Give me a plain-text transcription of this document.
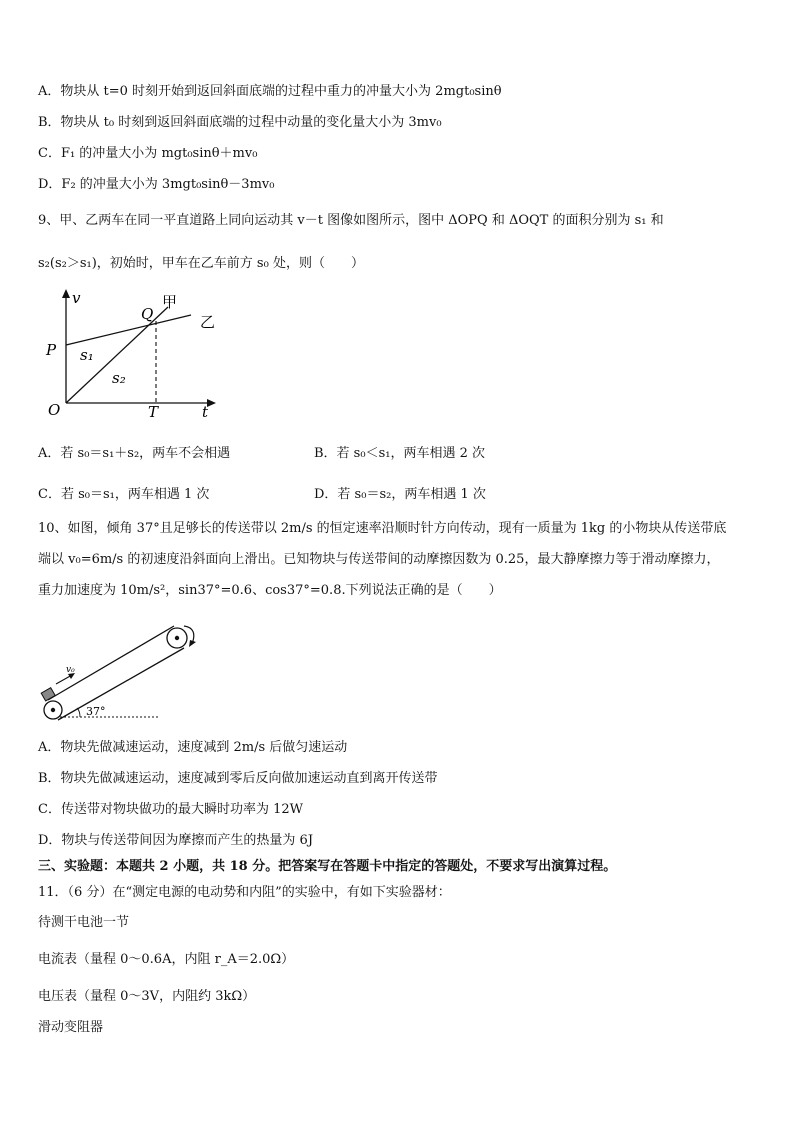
A．物块从 t=0 时刻开始到返回斜面底端的过程中重力的冲量大小为 2mgt₀sinθ
B．物块从 t₀ 时刻到返回斜面底端的过程中动量的变化量大小为 3mv₀
C．F₁ 的冲量大小为 mgt₀sinθ＋mv₀
D．F₂ 的冲量大小为 3mgt₀sinθ－3mv₀
9、甲、乙两车在同一平直道路上同向运动其 v－t 图像如图所示，图中 ΔOPQ 和 ΔOQT 的面积分别为 s₁ 和
s₂(s₂＞s₁)，初始时，甲车在乙车前方 s₀ 处，则（　　）
v
t
O
P
Q
T
甲
乙
s₁
s₂
A．若 s₀＝s₁＋s₂，两车不会相遇	B．若 s₀＜s₁，两车相遇 2 次
C．若 s₀＝s₁，两车相遇 1 次	D．若 s₀＝s₂，两车相遇 1 次
10、如图，倾角 37°且足够长的传送带以 2m/s 的恒定速率沿顺时针方向传动，现有一质量为 1kg 的小物块从传送带底
端以 v₀=6m/s 的初速度沿斜面向上滑出。已知物块与传送带间的动摩擦因数为 0.25，最大静摩擦力等于滑动摩擦力，
重力加速度为 10m/s²，sin37°=0.6、cos37°=0.8.下列说法正确的是（　　）
v₀
37°
A．物块先做减速运动，速度减到 2m/s 后做匀速运动
B．物块先做减速运动，速度减到零后反向做加速运动直到离开传送带
C．传送带对物块做功的最大瞬时功率为 12W
D．物块与传送带间因为摩擦而产生的热量为 6J
三、实验题：本题共 2 小题，共 18 分。把答案写在答题卡中指定的答题处，不要求写出演算过程。
11．（6 分）在“测定电源的电动势和内阻”的实验中，有如下实验器材：
待测干电池一节
电流表（量程 0～0.6A，内阻 r_A＝2.0Ω）
电压表（量程 0～3V，内阻约 3kΩ）
滑动变阻器
